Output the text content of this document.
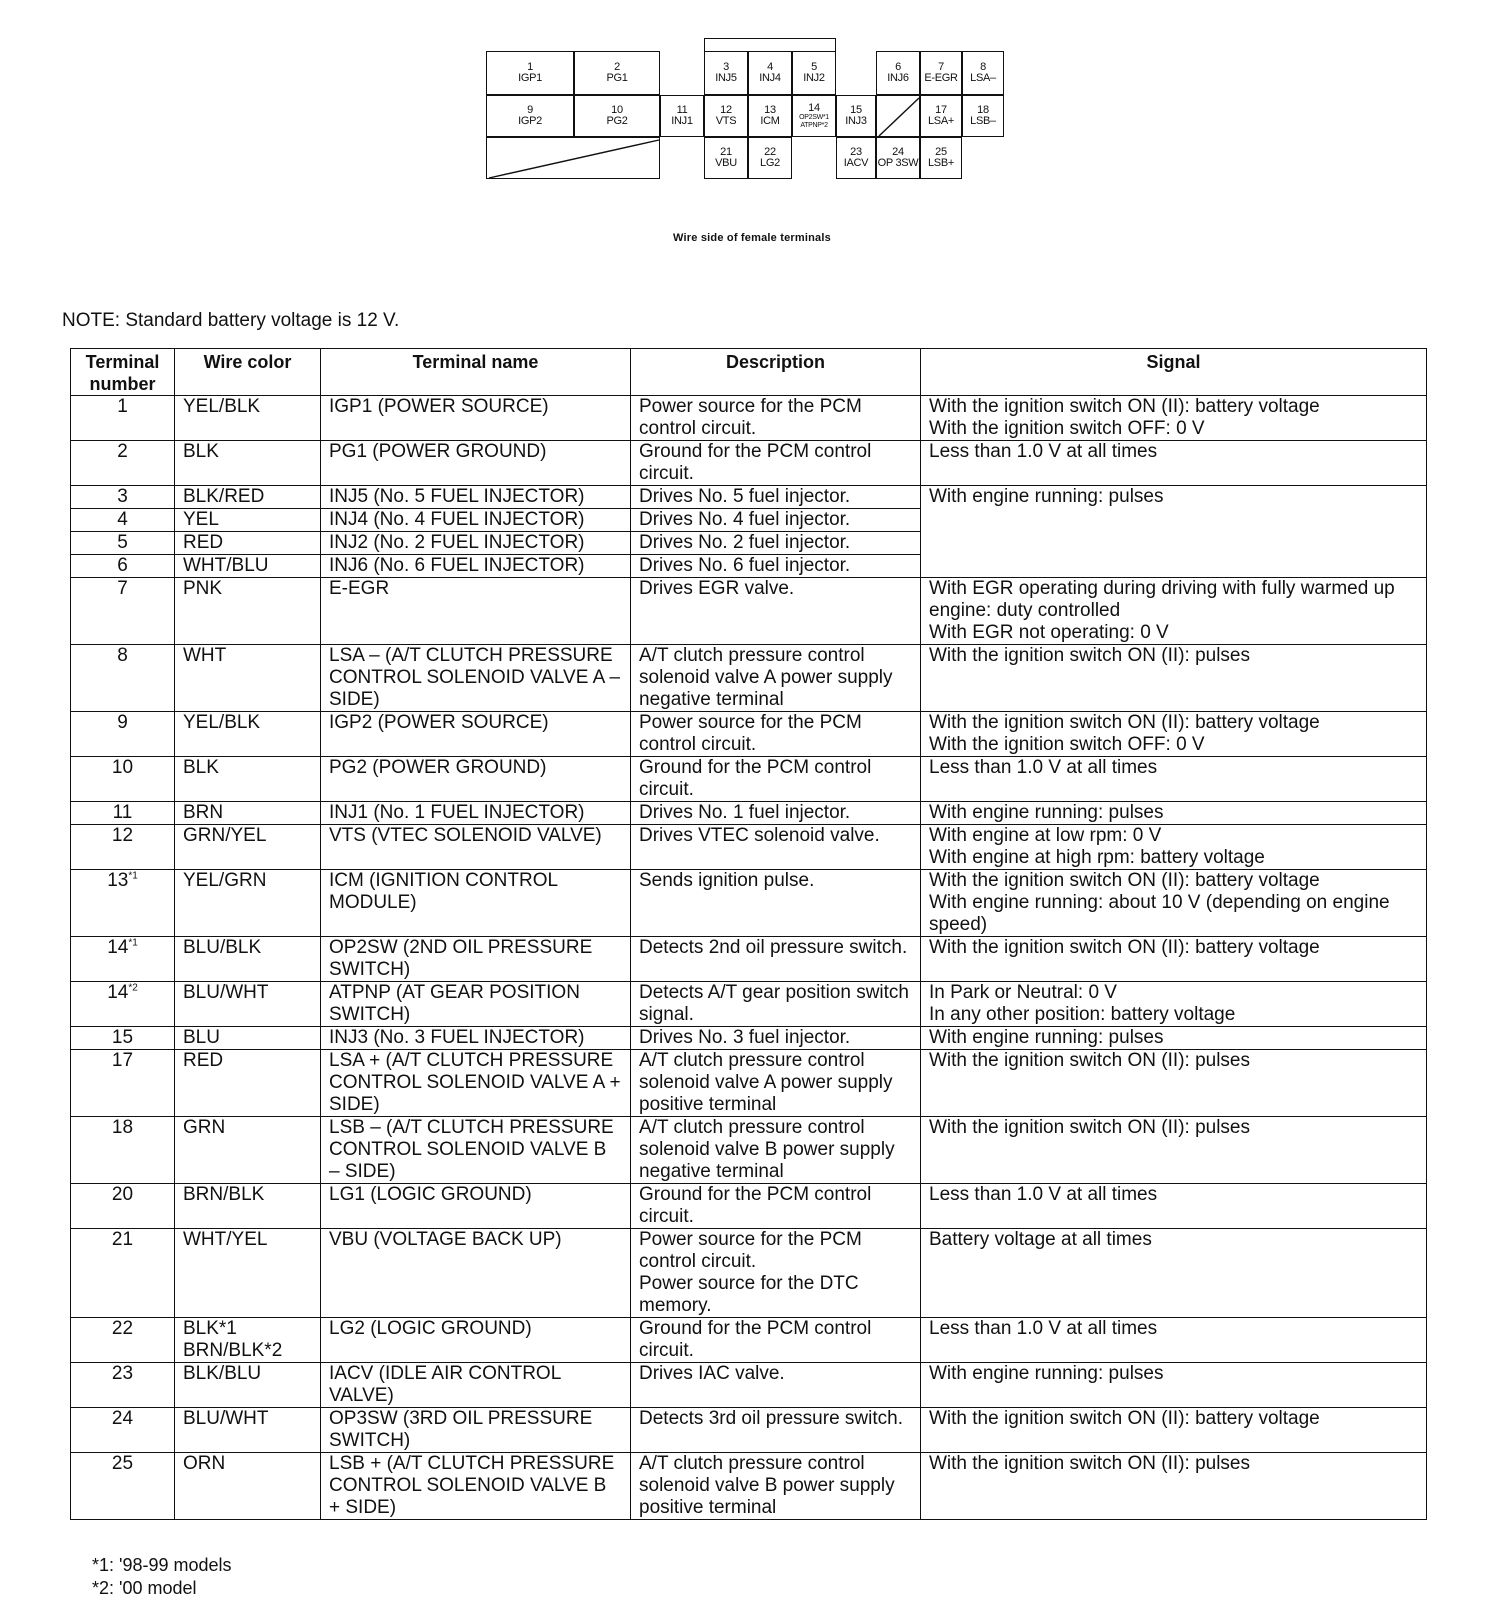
1
IGP1
2
PG1
3
INJ5
4
INJ4
5
INJ2
6
INJ6
7
E-EGR
8
LSA–
9
IGP2
10
PG2
11
INJ1
12
VTS
13
ICM
14
OP2SW*1 ATPNP*2
15
INJ3
17
LSA+
18
LSB–
21
VBU
22
LG2
23
IACV
24
OP 3SW
25
LSB+
Wire side of female terminals
NOTE: Standard battery voltage is 12 V.
Terminal number	Wire color	Terminal name	Description	Signal
1	YEL/BLK	IGP1 (POWER SOURCE)	Power source for the PCM control circuit.	With the ignition switch ON (II): battery voltage
With the ignition switch OFF: 0 V
2	BLK	PG1 (POWER GROUND)	Ground for the PCM control circuit.	Less than 1.0 V at all times
3	BLK/RED	INJ5 (No. 5 FUEL INJECTOR)	Drives No. 5 fuel injector.	With engine running: pulses
4	YEL	INJ4 (No. 4 FUEL INJECTOR)	Drives No. 4 fuel injector.	
5	RED	INJ2 (No. 2 FUEL INJECTOR)	Drives No. 2 fuel injector.	
6	WHT/BLU	INJ6 (No. 6 FUEL INJECTOR)	Drives No. 6 fuel injector.	
7	PNK	E-EGR	Drives EGR valve.	With EGR operating during driving with fully warmed up engine: duty controlled
With EGR not operating: 0 V
8	WHT	LSA – (A/T CLUTCH PRESSURE CONTROL SOLENOID VALVE A – SIDE)	A/T clutch pressure control solenoid valve A power supply negative terminal	With the ignition switch ON (II): pulses
9	YEL/BLK	IGP2 (POWER SOURCE)	Power source for the PCM control circuit.	With the ignition switch ON (II): battery voltage
With the ignition switch OFF: 0 V
10	BLK	PG2 (POWER GROUND)	Ground for the PCM control circuit.	Less than 1.0 V at all times
11	BRN	INJ1 (No. 1 FUEL INJECTOR)	Drives No. 1 fuel injector.	With engine running: pulses
12	GRN/YEL	VTS (VTEC SOLENOID VALVE)	Drives VTEC solenoid valve.	With engine at low rpm: 0 V
With engine at high rpm: battery voltage
13$^{*1}$	YEL/GRN	ICM (IGNITION CONTROL MODULE)	Sends ignition pulse.	With the ignition switch ON (II): battery voltage
With engine running: about 10 V (depending on engine speed)
14$^{*1}$	BLU/BLK	OP2SW (2ND OIL PRESSURE SWITCH)	Detects 2nd oil pressure switch.	With the ignition switch ON (II): battery voltage
14$^{*2}$	BLU/WHT	ATPNP (AT GEAR POSITION SWITCH)	Detects A/T gear position switch signal.	In Park or Neutral: 0 V
In any other position: battery voltage
15	BLU	INJ3 (No. 3 FUEL INJECTOR)	Drives No. 3 fuel injector.	With engine running: pulses
17	RED	LSA + (A/T CLUTCH PRESSURE CONTROL SOLENOID VALVE A + SIDE)	A/T clutch pressure control solenoid valve A power supply positive terminal	With the ignition switch ON (II): pulses
18	GRN	LSB – (A/T CLUTCH PRESSURE CONTROL SOLENOID VALVE B – SIDE)	A/T clutch pressure control solenoid valve B power supply negative terminal	With the ignition switch ON (II): pulses
20	BRN/BLK	LG1 (LOGIC GROUND)	Ground for the PCM control circuit.	Less than 1.0 V at all times
21	WHT/YEL	VBU (VOLTAGE BACK UP)	Power source for the PCM control circuit.
Power source for the DTC memory.	Battery voltage at all times
22	BLK*1
BRN/BLK*2	LG2 (LOGIC GROUND)	Ground for the PCM control circuit.	Less than 1.0 V at all times
23	BLK/BLU	IACV (IDLE AIR CONTROL VALVE)	Drives IAC valve.	With engine running: pulses
24	BLU/WHT	OP3SW (3RD OIL PRESSURE SWITCH)	Detects 3rd oil pressure switch.	With the ignition switch ON (II): battery voltage
25	ORN	LSB + (A/T CLUTCH PRESSURE CONTROL SOLENOID VALVE B + SIDE)	A/T clutch pressure control solenoid valve B power supply positive terminal	With the ignition switch ON (II): pulses
*1: '98-99 models
*2: '00 model
